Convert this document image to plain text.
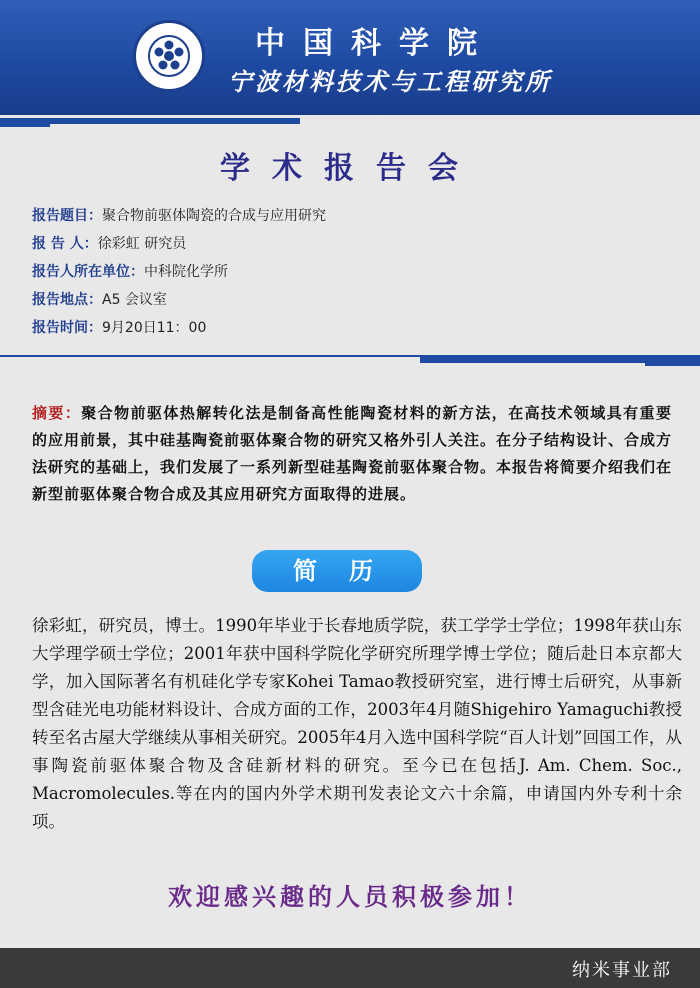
中国科学院
宁波材料技术与工程研究所
学术报告会
报告题目：聚合物前驱体陶瓷的合成与应用研究
报 告 人：徐彩虹 研究员
报告人所在单位：中科院化学所
报告地点：A5 会议室
报告时间：9月20日11：00
摘要：聚合物前驱体热解转化法是制备高性能陶瓷材料的新方法，在高技术领域具有重要的应用前景，其中硅基陶瓷前驱体聚合物的研究又格外引人关注。在分子结构设计、合成方法研究的基础上，我们发展了一系列新型硅基陶瓷前驱体聚合物。本报告将简要介绍我们在新型前驱体聚合物合成及其应用研究方面取得的进展。
简历
徐彩虹，研究员，博士。1990年毕业于长春地质学院，获工学学士学位；1998年获山东大学理学硕士学位；2001年获中国科学院化学研究所理学博士学位；随后赴日本京都大学，加入国际著名有机硅化学专家Kohei Tamao教授研究室，进行博士后研究，从事新型含硅光电功能材料设计、合成方面的工作，2003年4月随Shigehiro Yamaguchi教授转至名古屋大学继续从事相关研究。2005年4月入选中国科学院“百人计划”回国工作，从事陶瓷前驱体聚合物及含硅新材料的研究。至今已在包括J. Am. Chem. Soc., Macromolecules.等在内的国内外学术期刊发表论文六十余篇，申请国内外专利十余项。
欢迎感兴趣的人员积极参加！
纳米事业部
